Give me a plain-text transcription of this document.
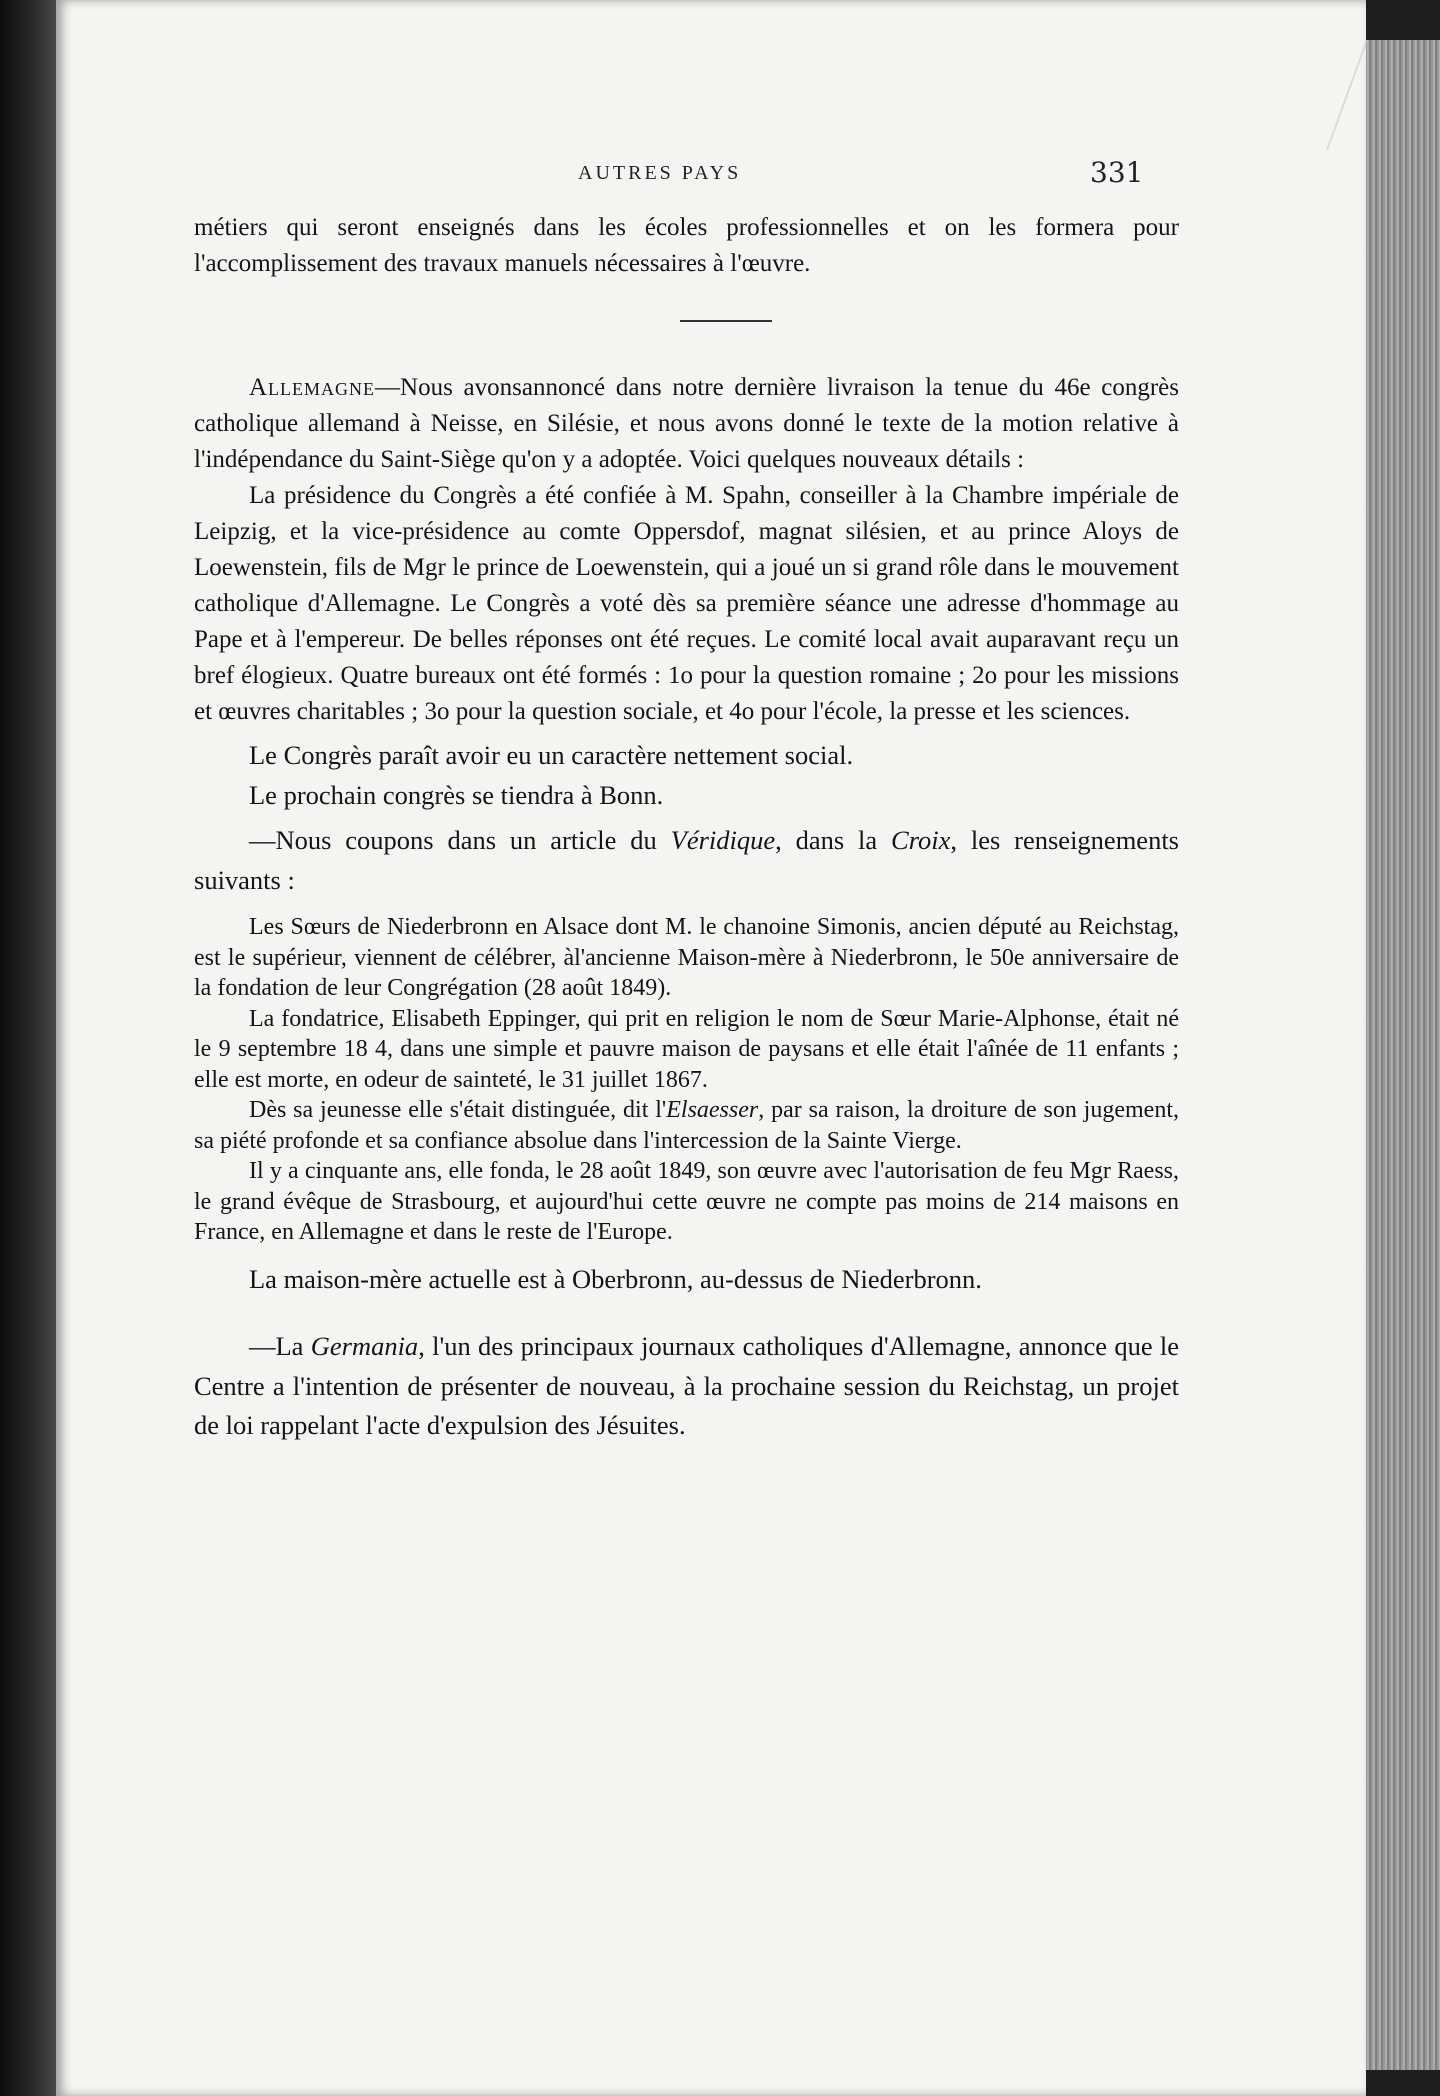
AUTRES PAYS	331

métiers qui seront enseignés dans les écoles professionnelles et on les formera pour l'accomplissement des travaux manuels nécessaires à l'œuvre.

Allemagne—Nous avonsannoncé dans notre dernière livraison la tenue du 46e congrès catholique allemand à Neisse, en Silésie, et nous avons donné le texte de la motion relative à l'indépendance du Saint-Siège qu'on y a adoptée. Voici quelques nouveaux détails :

La présidence du Congrès a été confiée à M. Spahn, conseiller à la Chambre impériale de Leipzig, et la vice-présidence au comte Oppersdof, magnat silésien, et au prince Aloys de Loewenstein, fils de Mgr le prince de Loewenstein, qui a joué un si grand rôle dans le mouvement catholique d'Allemagne. Le Congrès a voté dès sa première séance une adresse d'hommage au Pape et à l'empereur. De belles réponses ont été reçues. Le comité local avait auparavant reçu un bref élogieux. Quatre bureaux ont été formés : 1o pour la question romaine ; 2o pour les missions et œuvres charitables ; 3o pour la question sociale, et 4o pour l'école, la presse et les sciences.

Le Congrès paraît avoir eu un caractère nettement social.

Le prochain congrès se tiendra à Bonn.

—Nous coupons dans un article du Véridique, dans la Croix, les renseignements suivants :

Les Sœurs de Niederbronn en Alsace dont M. le chanoine Simonis, ancien député au Reichstag, est le supérieur, viennent de célébrer, àl'ancienne Maison-mère à Niederbronn, le 50e anniversaire de la fondation de leur Congrégation (28 août 1849).

La fondatrice, Elisabeth Eppinger, qui prit en religion le nom de Sœur Marie-Alphonse, était né le 9 septembre 18 4, dans une simple et pauvre maison de paysans et elle était l'aînée de 11 enfants ; elle est morte, en odeur de sainteté, le 31 juillet 1867.

Dès sa jeunesse elle s'était distinguée, dit l'Elsaesser, par sa raison, la droiture de son jugement, sa piété profonde et sa confiance absolue dans l'intercession de la Sainte Vierge.

Il y a cinquante ans, elle fonda, le 28 août 1849, son œuvre avec l'autorisation de feu Mgr Raess, le grand évêque de Strasbourg, et aujourd'hui cette œuvre ne compte pas moins de 214 maisons en France, en Allemagne et dans le reste de l'Europe.

La maison-mère actuelle est à Oberbronn, au-dessus de Niederbronn.

—La Germania, l'un des principaux journaux catholiques d'Allemagne, annonce que le Centre a l'intention de présenter de nouveau, à la prochaine session du Reichstag, un projet de loi rappelant l'acte d'expulsion des Jésuites.
